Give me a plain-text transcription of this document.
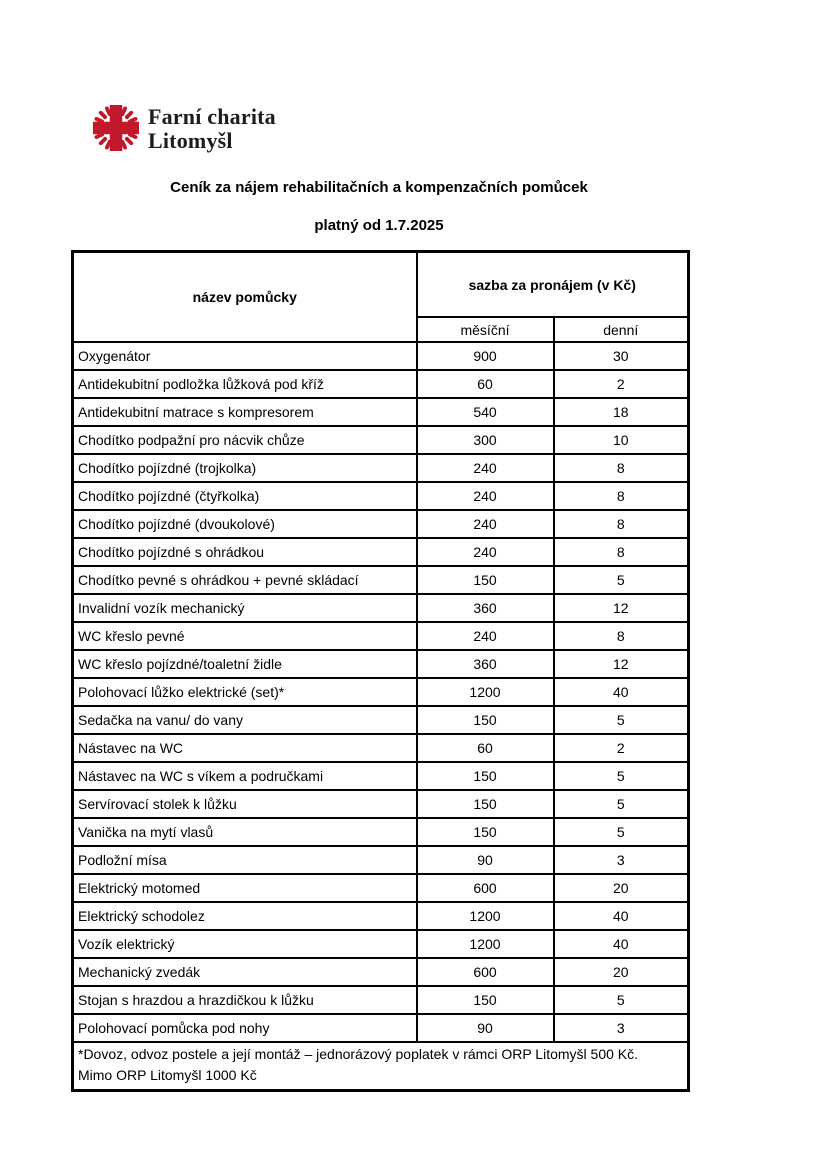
Farní charita
Litomyšl
Ceník za nájem rehabilitačních a kompenzačních pomůcek
platný od 1.7.2025
název pomůcky	sazba za pronájem (v Kč)	
	měsíční	denní
Oxygenátor	900	30
Antidekubitní podložka lůžková pod kříž	60	2
Antidekubitní matrace s kompresorem	540	18
Chodítko podpažní pro nácvik chůze	300	10
Chodítko pojízdné (trojkolka)	240	8
Chodítko pojízdné (čtyřkolka)	240	8
Chodítko pojízdné (dvoukolové)	240	8
Chodítko pojízdné s ohrádkou	240	8
Chodítko pevné s ohrádkou + pevné skládací	150	5
Invalidní vozík mechanický	360	12
WC křeslo pevné	240	8
WC křeslo pojízdné/toaletní židle	360	12
Polohovací lůžko elektrické (set)*	1200	40
Sedačka na vanu/ do vany	150	5
Nástavec na WC	60	2
Nástavec na WC s víkem a područkami	150	5
Servírovací stolek k lůžku	150	5
Vanička na mytí vlasů	150	5
Podložní mísa	90	3
Elektrický motomed	600	20
Elektrický schodolez	1200	40
Vozík elektrický	1200	40
Mechanický zvedák	600	20
Stojan s hrazdou a hrazdičkou k lůžku	150	5
Polohovací pomůcka pod nohy	90	3

*Dovoz, odvoz postele a její montáž – jednorázový poplatek v rámci ORP Litomyšl 500 Kč.
Mimo ORP Litomyšl 1000 Kč		
